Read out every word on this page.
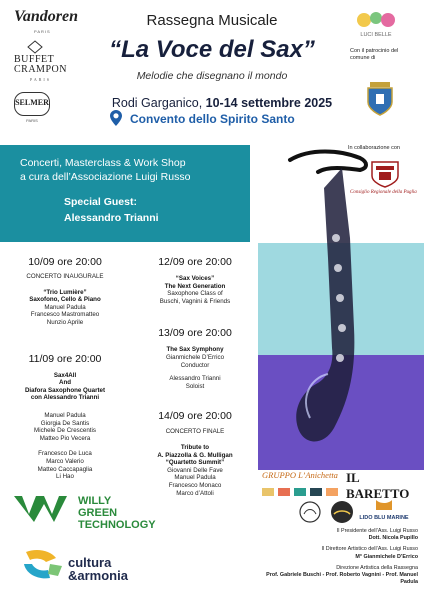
Rassegna Musicale
“La Voce del Sax”
Melodie che disegnano il mondo
Rodi Garganico, 10-14 settembre 2025
Convento dello Spirito Santo
Vandoren
PARIS
BUFFET
CRAMPON
PARIS
SELMER
PARIS
LUCI BELLE
Con il patrocinio del comune di
In collaborazione con
Consiglio Regionale della Puglia
Concerti, Masterclass & Work Shop
a cura dell’Associazione Luigi Russo
Special Guest:
Alessandro Trianni
10/09 ore 20:00
CONCERTO INAUGURALE
“Trio Lumière”
Saxofono, Cello & Piano
Manuel Padula
Francesco Mastromatteo
Nunzio Aprile
11/09 ore 20:00
Sax4All
And
Diafora Saxophone Quartet
con Alessandro Trianni
Manuel Padula
Giorgia De Santis
Michele De Crescentis
Matteo Pio Vecera
Francesco De Luca
Marco Valerio
Matteo Caccapaglia
Li Hao
12/09 ore 20:00
“Sax Voices”
The Next Generation
Saxophone Class of
Buschi, Vagnini & Friends
13/09 ore 20:00
The Sax Symphony
Gianmichele D’Errico
Conductor
Alessandro Trianni
Soloist
14/09 ore 20:00
CONCERTO FINALE
Tribute to
A. Piazzolla & G. Mulligan
“Quartetto Summit”
Giovanni Delle Fave
Manuel Padula
Francesco Monaco
Marco d’Attoli
WILLY
GREEN
TECHNOLOGY
cultura
&armonia
GRUPPO L’Anichetta IL BARETTO
LIDO BLU MARINE
Il Presidente dell’Ass. Luigi Russo
Dott. Nicola Pupillo
Il Direttore Artistico dell’Ass. Luigi Russo
M° Gianmichele D’Errico
Direzione Artistica della Rassegna
Prof. Gabriele Buschi - Prof. Roberto Vagnini - Prof. Manuel Padula
